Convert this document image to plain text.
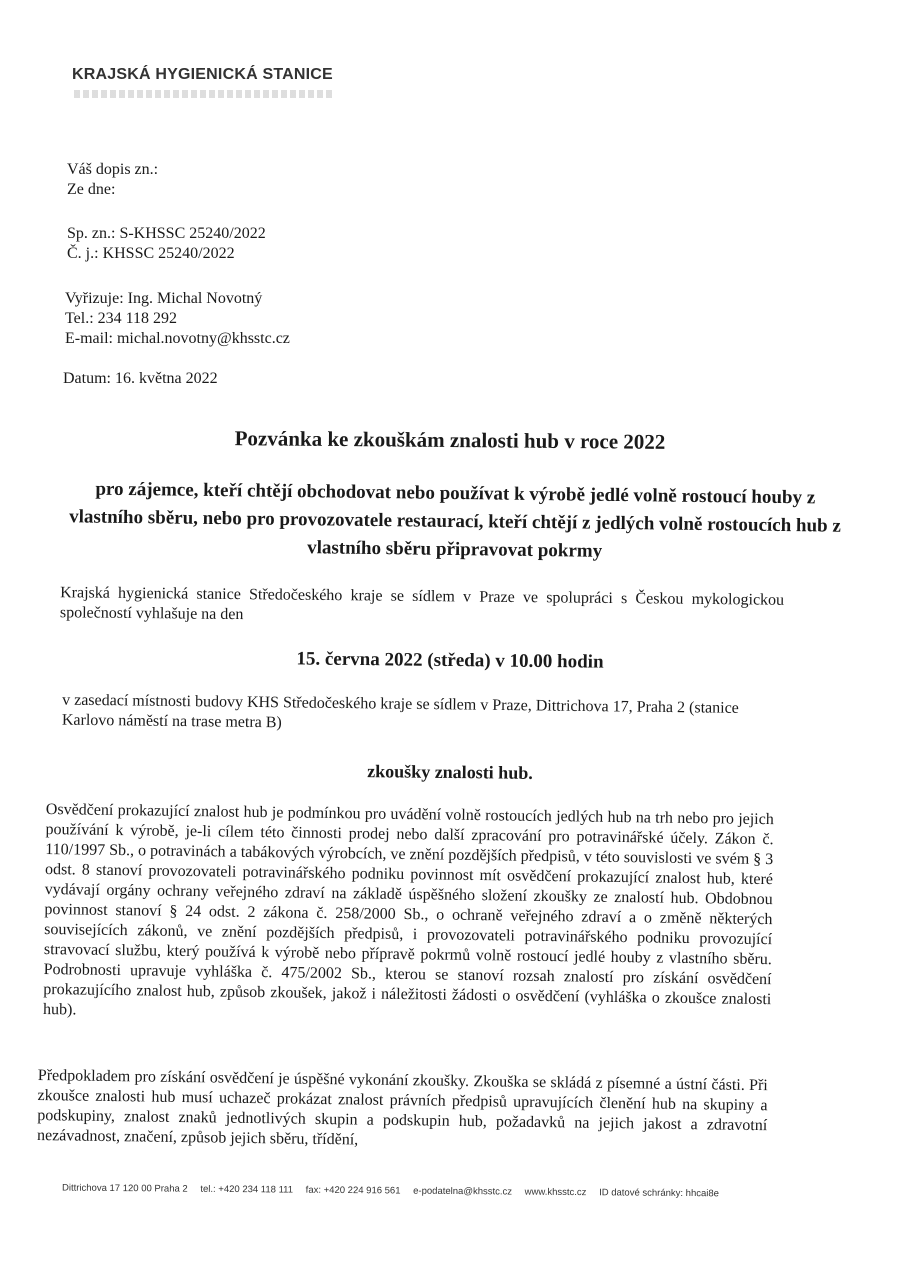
KRAJSKÁ HYGIENICKÁ STANICE
Váš dopis zn.:
Ze dne:
Sp. zn.: S-KHSSC 25240/2022
Č. j.: KHSSC 25240/2022
Vyřizuje: Ing. Michal Novotný
Tel.: 234 118 292
E-mail: michal.novotny@khsstc.cz
Datum: 16. května 2022
Pozvánka ke zkouškám znalosti hub v roce 2022
pro zájemce, kteří chtějí obchodovat nebo používat k výrobě jedlé volně rostoucí houby z vlastního sběru, nebo pro provozovatele restaurací, kteří chtějí z jedlých volně rostoucích hub z vlastního sběru připravovat pokrmy
Krajská hygienická stanice Středočeského kraje se sídlem v Praze ve spolupráci s Českou mykologickou společností vyhlašuje na den
15. června 2022 (středa) v 10.00 hodin
v zasedací místnosti budovy KHS Středočeského kraje se sídlem v Praze, Dittrichova 17, Praha 2 (stanice Karlovo náměstí na trase metra B)
zkoušky znalosti hub.
Osvědčení prokazující znalost hub je podmínkou pro uvádění volně rostoucích jedlých hub na trh nebo pro jejich používání k výrobě, je-li cílem této činnosti prodej nebo další zpracování pro potravinářské účely. Zákon č. 110/1997 Sb., o potravinách a tabákových výrobcích, ve znění pozdějších předpisů, v této souvislosti ve svém § 3 odst. 8 stanoví provozovateli potravinářského podniku povinnost mít osvědčení prokazující znalost hub, které vydávají orgány ochrany veřejného zdraví na základě úspěšného složení zkoušky ze znalostí hub. Obdobnou povinnost stanoví § 24 odst. 2 zákona č. 258/2000 Sb., o ochraně veřejného zdraví a o změně některých souvisejících zákonů, ve znění pozdějších předpisů, i provozovateli potravinářského podniku provozující stravovací službu, který používá k výrobě nebo přípravě pokrmů volně rostoucí jedlé houby z vlastního sběru. Podrobnosti upravuje vyhláška č. 475/2002 Sb., kterou se stanoví rozsah znalostí pro získání osvědčení prokazujícího znalost hub, způsob zkoušek, jakož i náležitosti žádosti o osvědčení (vyhláška o zkoušce znalosti hub).
Předpokladem pro získání osvědčení je úspěšné vykonání zkoušky. Zkouška se skládá z písemné a ústní části. Při zkoušce znalosti hub musí uchazeč prokázat znalost právních předpisů upravujících členění hub na skupiny a podskupiny, znalost znaků jednotlivých skupin a podskupin hub, požadavků na jejich jakost a zdravotní nezávadnost, značení, způsob jejich sběru, třídění,
Dittrichova 17 120 00 Praha 2 tel.: +420 234 118 111 fax: +420 224 916 561 e-podatelna@khsstc.cz www.khsstc.cz ID datové schránky: hhcai8e
